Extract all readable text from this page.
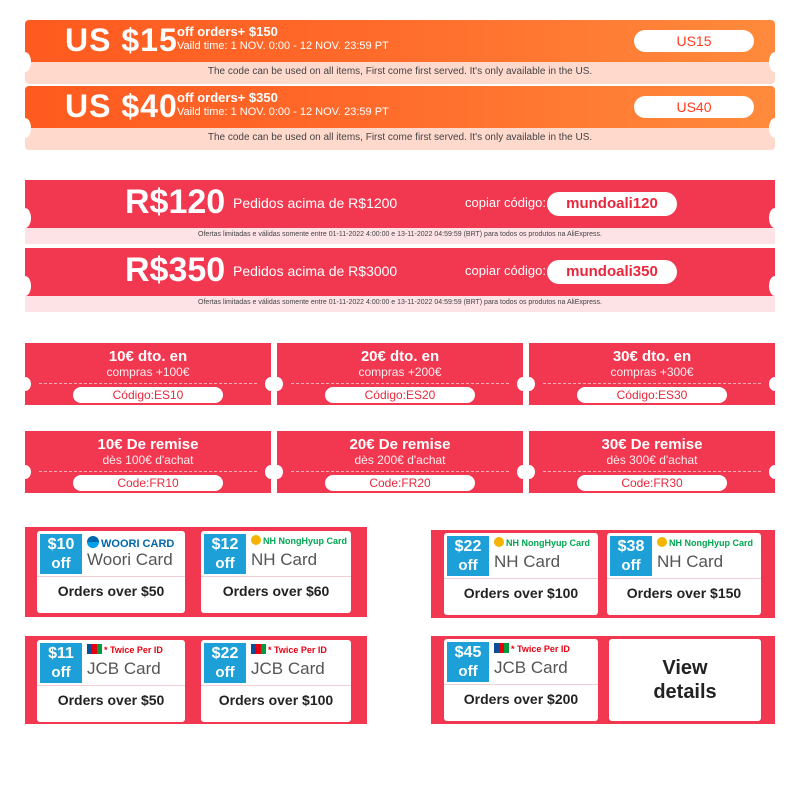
US $15 off orders+ $150
Vaild time: 1 NOV. 0:00 - 12 NOV. 23:59 PT	US15
The code can be used on all items, First come first served. It's only available in the US.
US $40 off orders+ $350
Vaild time: 1 NOV. 0:00 - 12 NOV. 23:59 PT	US40
The code can be used on all items, First come first served. It's only available in the US.
R$120 Pedidos acima de R$1200	copiar código:	mundoali120
Ofertas limitadas e válidas somente entre 01-11-2022 4:00:00 e 13-11-2022 04:59:59 (BRT) para todos os produtos na AliExpress.
R$350 Pedidos acima de R$3000	copiar código:	mundoali350
Ofertas limitadas e válidas somente entre 01-11-2022 4:00:00 e 13-11-2022 04:59:59 (BRT) para todos os produtos na AliExpress.
10€ dto. en
compras +100€
Código:ES10
20€ dto. en
compras +200€
Código:ES20
30€ dto. en
compras +300€
Código:ES30
10€ De remise
dès 100€ d'achat
Code:FR10
20€ De remise
dès 200€ d'achat
Code:FR20
30€ De remise
dès 300€ d'achat
Code:FR30
$10
off
WOORI CARD
Woori Card
Orders over $50
$12
off
NH NongHyup Card
NH Card
Orders over $60
$22
off
NH NongHyup Card
NH Card
Orders over $100
$38
off
NH NongHyup Card
NH Card
Orders over $150
$11
off
* Twice Per ID
JCB Card
Orders over $50
$22
off
* Twice Per ID
JCB Card
Orders over $100
$45
off
* Twice Per ID
JCB Card
Orders over $200
View
details
